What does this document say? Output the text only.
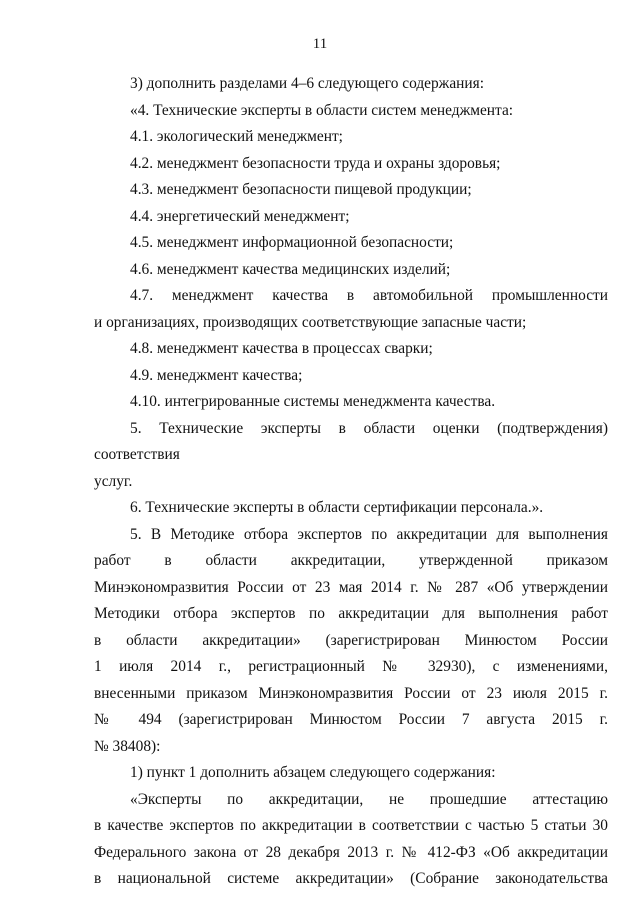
11
3) дополнить разделами 4–6 следующего содержания:
«4. Технические эксперты в области систем менеджмента:
4.1. экологический менеджмент;
4.2. менеджмент безопасности труда и охраны здоровья;
4.3. менеджмент безопасности пищевой продукции;
4.4. энергетический менеджмент;
4.5. менеджмент информационной безопасности;
4.6. менеджмент качества медицинских изделий;
4.7. менеджмент качества в автомобильной промышленности
и организациях, производящих соответствующие запасные части;
4.8. менеджмент качества в процессах сварки;
4.9. менеджмент качества;
4.10. интегрированные системы менеджмента качества.
5. Технические эксперты в области оценки (подтверждения) соответствия
услуг.
6. Технические эксперты в области сертификации персонала.».
5. В Методике отбора экспертов по аккредитации для выполнения
работ в области аккредитации, утвержденной приказом
Минэкономразвития России от 23 мая 2014 г. № 287 «Об утверждении
Методики отбора экспертов по аккредитации для выполнения работ
в области аккредитации» (зарегистрирован Минюстом России
1 июля 2014 г., регистрационный № 32930), с изменениями,
внесенными приказом Минэкономразвития России от 23 июля 2015 г.
№ 494 (зарегистрирован Минюстом России 7 августа 2015 г.
№ 38408):
1) пункт 1 дополнить абзацем следующего содержания:
«Эксперты по аккредитации, не прошедшие аттестацию
в качестве экспертов по аккредитации в соответствии с частью 5 статьи 30
Федерального закона от 28 декабря 2013 г. № 412-ФЗ «Об аккредитации
в национальной системе аккредитации» (Собрание законодательства
